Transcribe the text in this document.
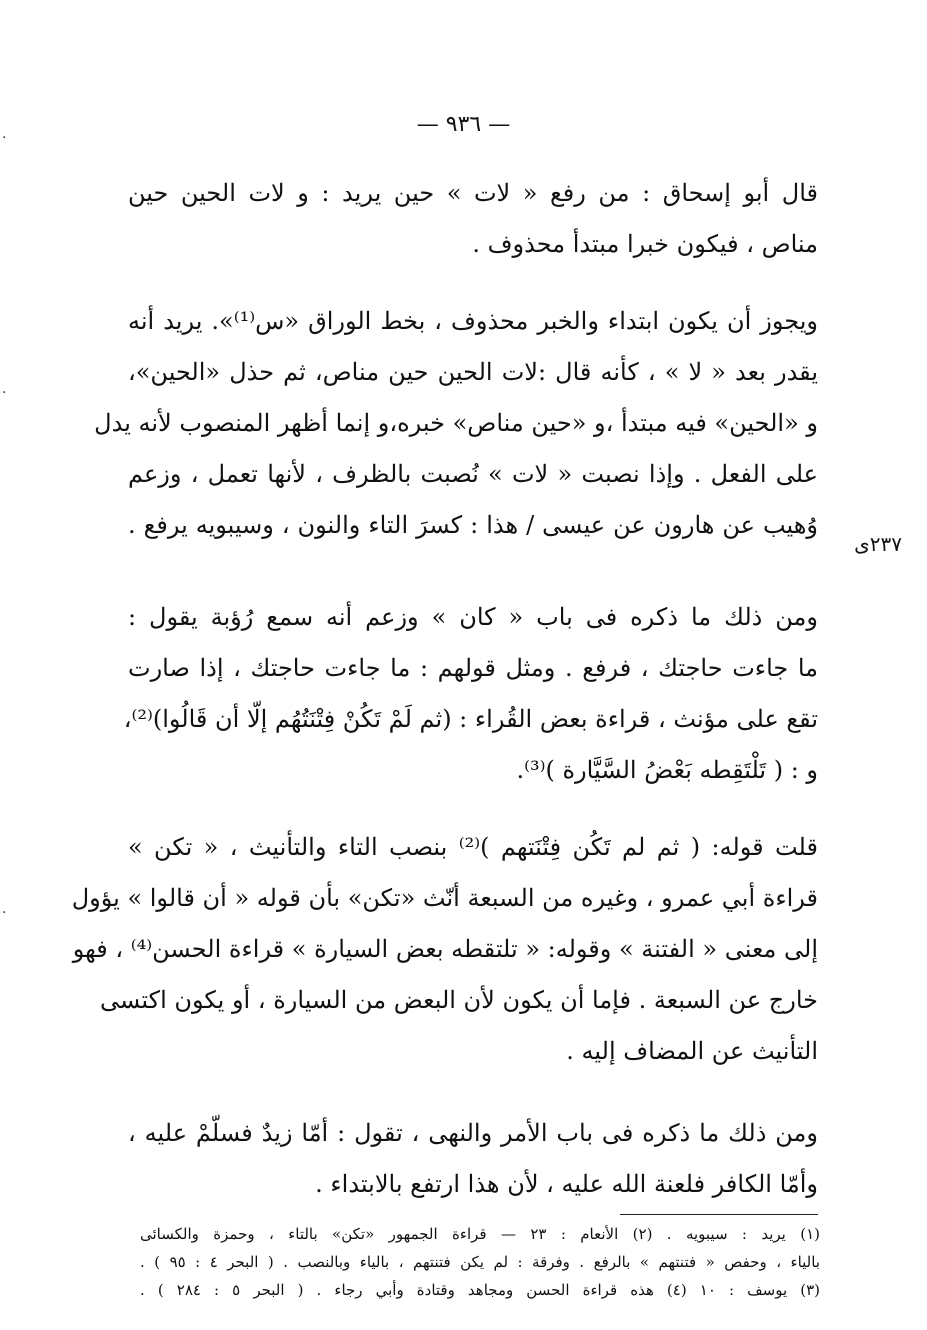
— ٩٣٦ —
قال أبو إسحاق : من رفع « لات » حين يريد : و لات الحين حين
مناص ، فيكون خبرا مبتدأ محذوف .
ويجوز أن يكون ابتداء والخبر محذوف ، بخط الوراق «س⁽¹⁾». يريد أنه
يقدر بعد « لا » ، كأنه قال :لات الحين حين مناص، ثم حذل «الحين»،
و «الحين» فيه مبتدأ ،و «حين مناص» خبره،و إنما أظهر المنصوب لأنه يدل
على الفعل . وإذا نصبت « لات » نُصبت بالظرف ، لأنها تعمل ، وزعم
وُهيب عن هارون عن عيسى / هذا : كسرَ التاء والنون ، وسيبويه يرفع .
٢٣٧ى
ومن ذلك ما ذكره فى باب « كان » وزعم أنه سمع رُؤبة يقول :
ما جاءت حاجتك ، فرفع . ومثل قولهم : ما جاءت حاجتك ، إذا صارت
تقع على مؤنث ، قراءة بعض القُراء : (ثم لَمْ تَكُنْ فِتْنَتُهُم إلّا أن قَالُوا)⁽²⁾،
و : ( تَلْتَقِطه بَعْضُ السَّيَّارة )⁽³⁾.
قلت قوله: ( ثم لم تَكُن فِتْنَتهم )⁽²⁾ بنصب التاء والتأنيث ، « تكن »
قراءة أبي عمرو ، وغيره من السبعة أنّث «تكن» بأن قوله « أن قالوا » يؤول
إلى معنى « الفتنة » وقوله: « تلتقطه بعض السيارة » قراءة الحسن⁽⁴⁾ ، فهو
خارج عن السبعة . فإما أن يكون لأن البعض من السيارة ، أو يكون اكتسى
التأنيث عن المضاف إليه .
ومن ذلك ما ذكره فى باب الأمر والنهى ، تقول : أمّا زيدٌ فسلّمْ عليه ،
وأمّا الكافر فلعنة الله عليه ، لأن هذا ارتفع بالابتداء .
(١) يريد : سيبويه . (٢) الأنعام : ٢٣ — قراءة الجمهور «تكن» بالتاء ، وحمزة والكسائى
بالياء ، وحفص « فتنتهم » بالرفع . وفرقة : لم يكن فتنتهم ، بالياء وبالنصب . ( البحر ٤ : ٩٥ ) .
(٣) يوسف : ١٠ (٤) هذه قراءة الحسن ومجاهد وقتادة وأبي رجاء . ( البحر ٥ : ٢٨٤ ) .
·
·
·
